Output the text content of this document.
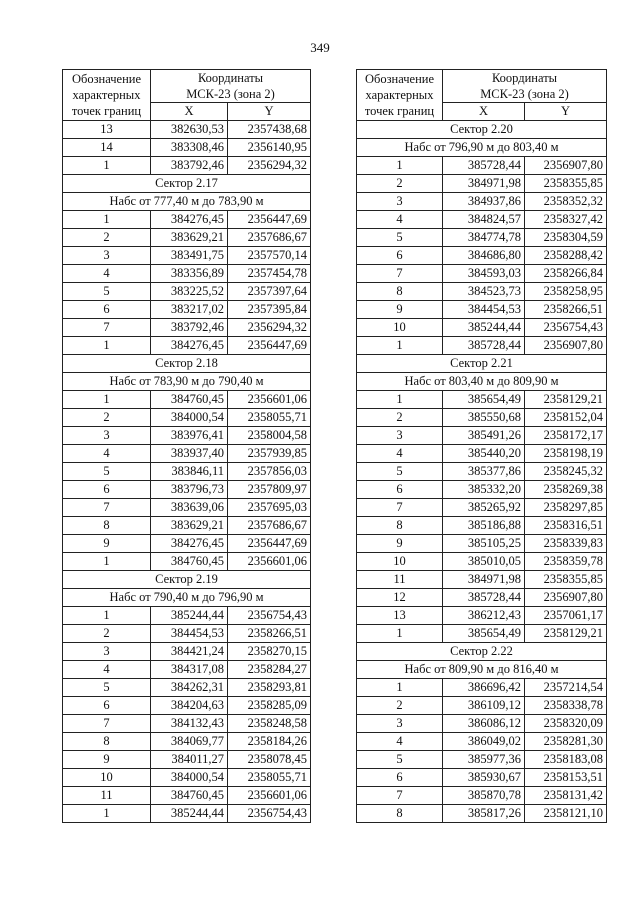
349
Обозначение
характерных
точек границ	Координаты
МСК-23 (зона 2)	
	X	Y
13	382630,53	2357438,68
14	383308,46	2356140,95
1	383792,46	2356294,32
Сектор 2.17		
Набс от 777,40 м до 783,90 м		
1	384276,45	2356447,69
2	383629,21	2357686,67
3	383491,75	2357570,14
4	383356,89	2357454,78
5	383225,52	2357397,64
6	383217,02	2357395,84
7	383792,46	2356294,32
1	384276,45	2356447,69
Сектор 2.18		
Набс от 783,90 м до 790,40 м		
1	384760,45	2356601,06
2	384000,54	2358055,71
3	383976,41	2358004,58
4	383937,40	2357939,85
5	383846,11	2357856,03
6	383796,73	2357809,97
7	383639,06	2357695,03
8	383629,21	2357686,67
9	384276,45	2356447,69
1	384760,45	2356601,06
Сектор 2.19		
Набс от 790,40 м до 796,90 м		
1	385244,44	2356754,43
2	384454,53	2358266,51
3	384421,24	2358270,15
4	384317,08	2358284,27
5	384262,31	2358293,81
6	384204,63	2358285,09
7	384132,43	2358248,58
8	384069,77	2358184,26
9	384011,27	2358078,45
10	384000,54	2358055,71
11	384760,45	2356601,06
1	385244,44	2356754,43
Обозначение
характерных
точек границ	Координаты
МСК-23 (зона 2)	
	X	Y
Сектор 2.20		
Набс от 796,90 м до 803,40 м		
1	385728,44	2356907,80
2	384971,98	2358355,85
3	384937,86	2358352,32
4	384824,57	2358327,42
5	384774,78	2358304,59
6	384686,80	2358288,42
7	384593,03	2358266,84
8	384523,73	2358258,95
9	384454,53	2358266,51
10	385244,44	2356754,43
1	385728,44	2356907,80
Сектор 2.21		
Набс от 803,40 м до 809,90 м		
1	385654,49	2358129,21
2	385550,68	2358152,04
3	385491,26	2358172,17
4	385440,20	2358198,19
5	385377,86	2358245,32
6	385332,20	2358269,38
7	385265,92	2358297,85
8	385186,88	2358316,51
9	385105,25	2358339,83
10	385010,05	2358359,78
11	384971,98	2358355,85
12	385728,44	2356907,80
13	386212,43	2357061,17
1	385654,49	2358129,21
Сектор 2.22		
Набс от 809,90 м до 816,40 м		
1	386696,42	2357214,54
2	386109,12	2358338,78
3	386086,12	2358320,09
4	386049,02	2358281,30
5	385977,36	2358183,08
6	385930,67	2358153,51
7	385870,78	2358131,42
8	385817,26	2358121,10
